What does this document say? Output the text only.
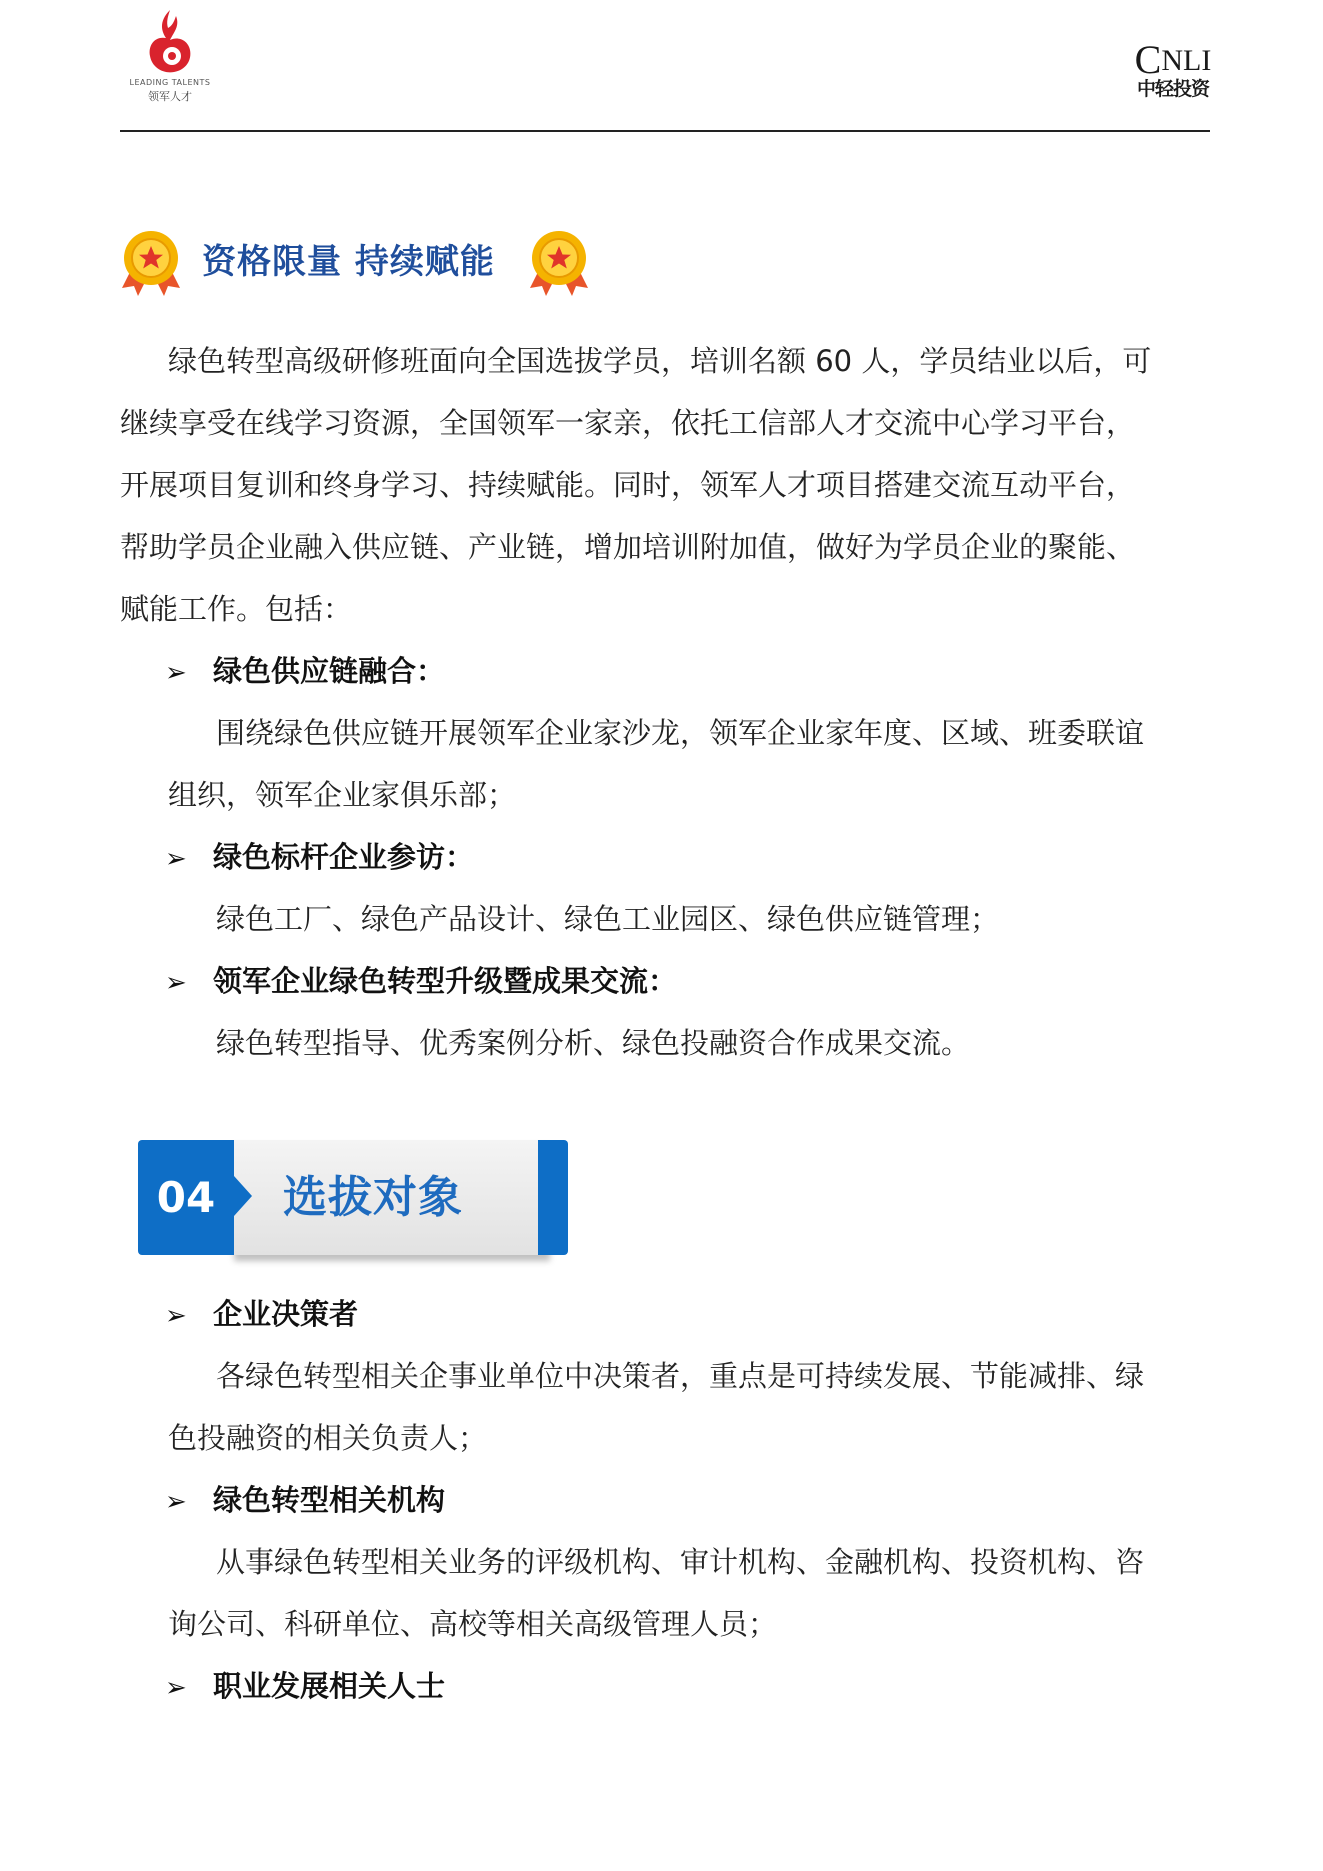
LEADING TALENTS
领军人才
CNLI
中轻投资
资格限量 持续赋能
绿色转型高级研修班面向全国选拔学员，培训名额 60 人，学员结业以后，可
继续享受在线学习资源，全国领军一家亲，依托工信部人才交流中心学习平台，
开展项目复训和终身学习、持续赋能。同时，领军人才项目搭建交流互动平台，
帮助学员企业融入供应链、产业链，增加培训附加值，做好为学员企业的聚能、
赋能工作。包括：
➢ 绿色供应链融合：
围绕绿色供应链开展领军企业家沙龙，领军企业家年度、区域、班委联谊
组织，领军企业家俱乐部；
➢ 绿色标杆企业参访：
绿色工厂、绿色产品设计、绿色工业园区、绿色供应链管理；
➢ 领军企业绿色转型升级暨成果交流：
绿色转型指导、优秀案例分析、绿色投融资合作成果交流。
04	选拔对象
➢ 企业决策者
各绿色转型相关企事业单位中决策者，重点是可持续发展、节能减排、绿
色投融资的相关负责人；
➢ 绿色转型相关机构
从事绿色转型相关业务的评级机构、审计机构、金融机构、投资机构、咨
询公司、科研单位、高校等相关高级管理人员；
➢ 职业发展相关人士
